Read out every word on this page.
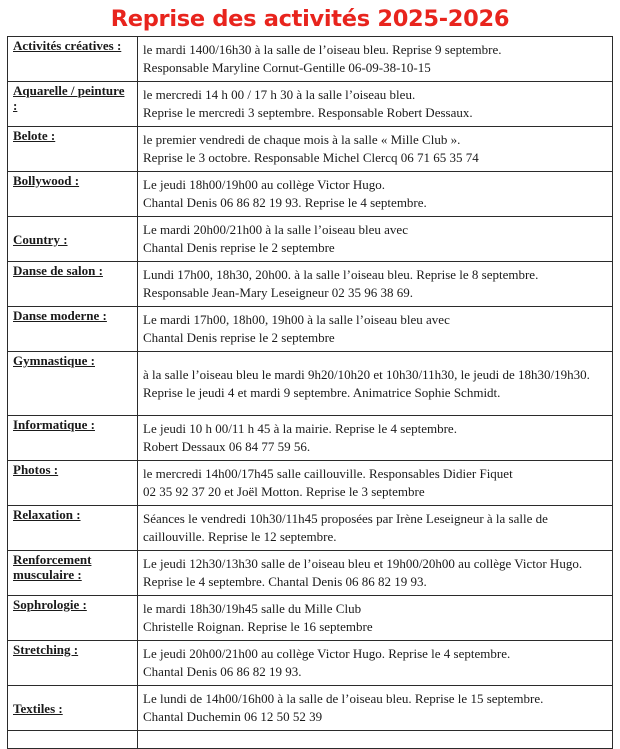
Reprise des activités 2025-2026
Activités créatives :	le mardi 1400/16h30 à la salle de l’oiseau bleu. Reprise 9 septembre.
Responsable Maryline Cornut-Gentille 06-09-38-10-15

Aquarelle / peinture :	le mercredi 14 h 00 / 17 h 30 à la salle l’oiseau bleu.
Reprise le mercredi 3 septembre. Responsable Robert Dessaux.

Belote :	le premier vendredi de chaque mois à la salle « Mille Club ».
Reprise le 3 octobre. Responsable Michel Clercq 06 71 65 35 74

Bollywood :	Le jeudi 18h00/19h00 au collège Victor Hugo.
Chantal Denis 06 86 82 19 93. Reprise le 4 septembre.

Country :	Le mardi 20h00/21h00 à la salle l’oiseau bleu avec
Chantal Denis reprise le 2 septembre

Danse de salon :	Lundi 17h00, 18h30, 20h00. à la salle l’oiseau bleu. Reprise le 8 septembre.
Responsable Jean-Mary Leseigneur 02 35 96 38 69.

Danse moderne :	Le mardi 17h00, 18h00, 19h00 à la salle l’oiseau bleu avec
Chantal Denis reprise le 2 septembre

Gymnastique :	à la salle l’oiseau bleu le mardi 9h20/10h20 et 10h30/11h30, le jeudi de 18h30/19h30.
Reprise le jeudi 4 et mardi 9 septembre. Animatrice Sophie Schmidt.

Informatique :	Le jeudi 10 h 00/11 h 45 à la mairie. Reprise le 4 septembre.
Robert Dessaux 06 84 77 59 56.

Photos :	le mercredi 14h00/17h45 salle caillouville. Responsables Didier Fiquet
02 35 92 37 20 et Joël Motton. Reprise le 3 septembre

Relaxation :	Séances le vendredi 10h30/11h45 proposées par Irène Leseigneur à la salle de caillouville. Reprise le 12 septembre.

Renforcement musculaire :	Le jeudi 12h30/13h30 salle de l’oiseau bleu et 19h00/20h00 au collège Victor Hugo. Reprise le 4 septembre. Chantal Denis 06 86 82 19 93.

Sophrologie :	le mardi 18h30/19h45 salle du Mille Club
Christelle Roignan. Reprise le 16 septembre

Stretching :	Le jeudi 20h00/21h00 au collège Victor Hugo. Reprise le 4 septembre.
Chantal Denis 06 86 82 19 93.

Textiles :	Le lundi de 14h00/16h00 à la salle de l’oiseau bleu. Reprise le 15 septembre.
Chantal Duchemin 06 12 50 52 39
